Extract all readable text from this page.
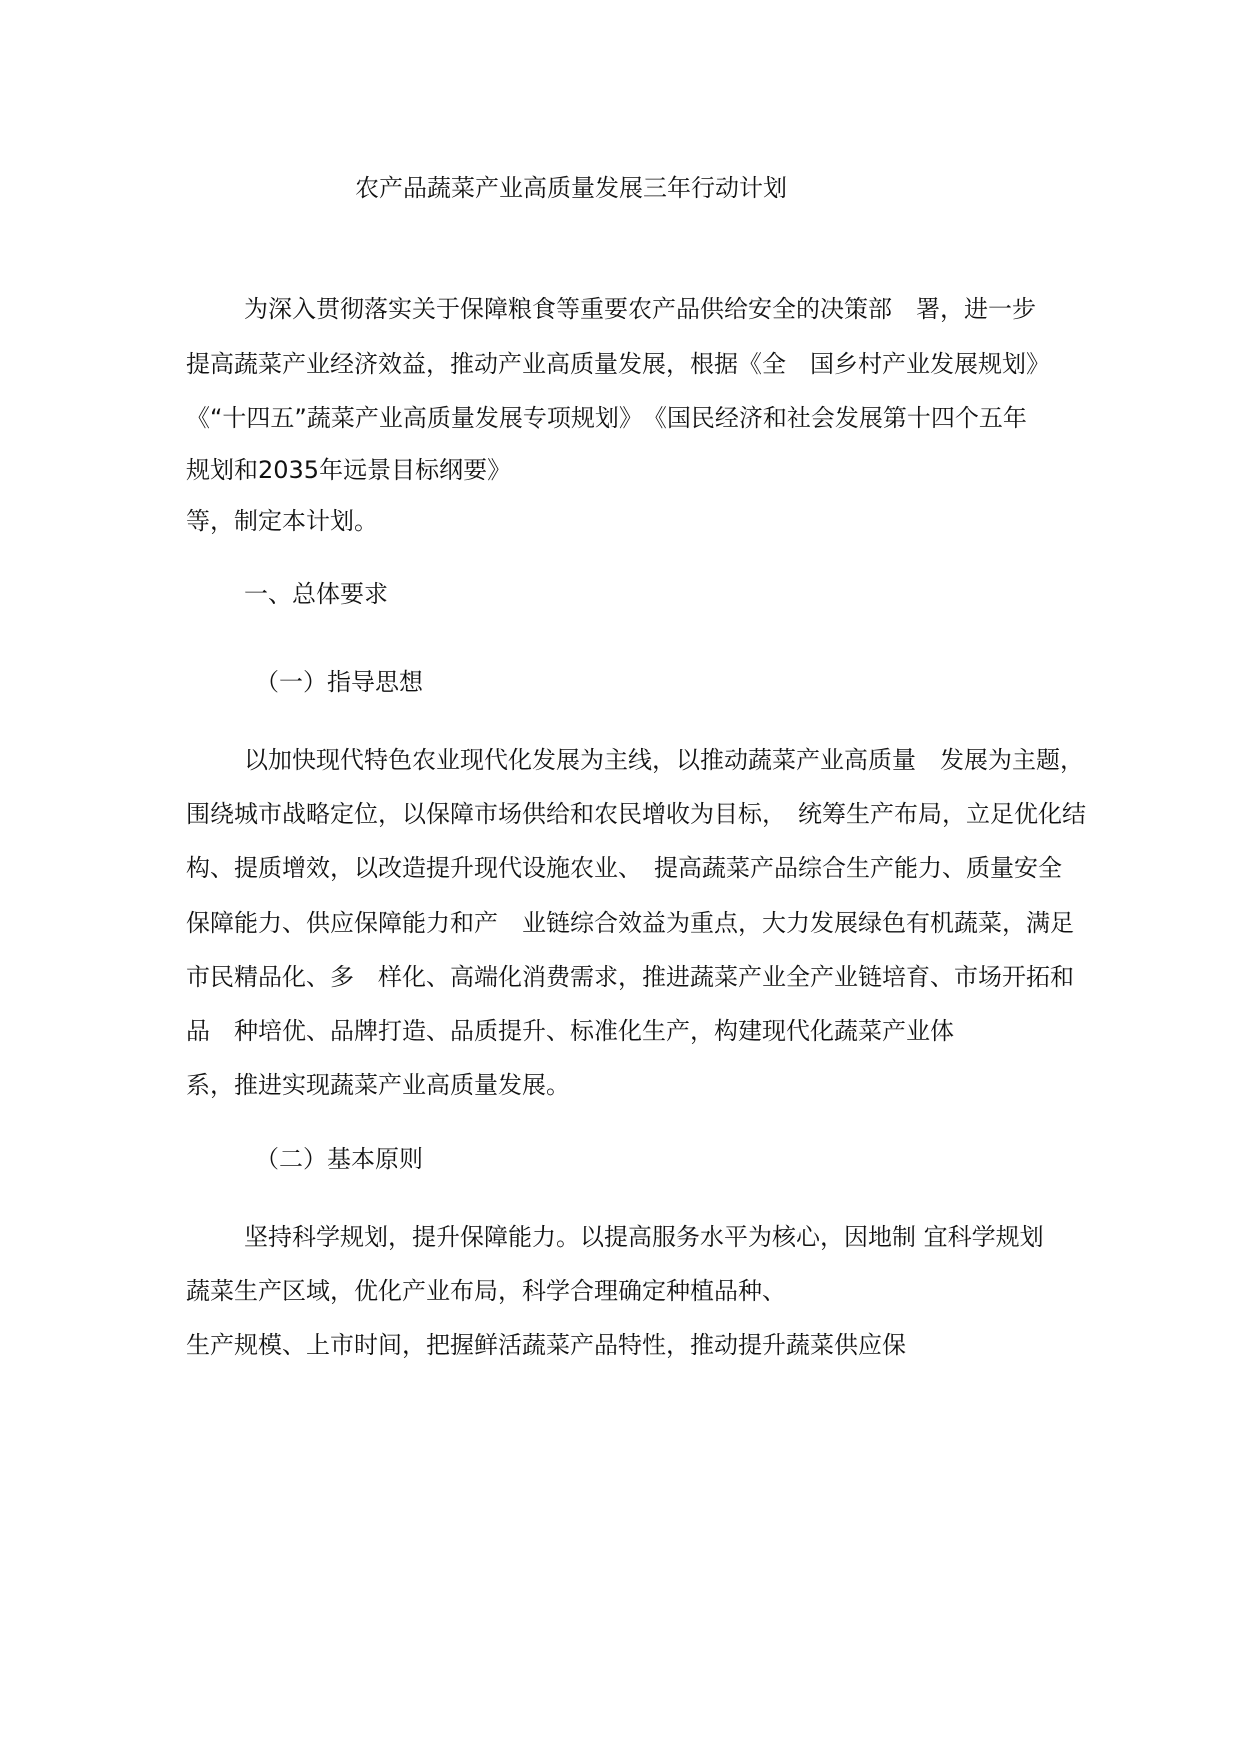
农产品蔬菜产业高质量发展三年行动计划
为深入贯彻落实关于保障粮食等重要农产品供给安全的决策部　署，进一步
提高蔬菜产业经济效益，推动产业高质量发展，根据《全　国乡村产业发展规划》
《“十四五”蔬菜产业高质量发展专项规划》　《国民经济和社会发展第十四个五年
规划和2035年远景目标纲要》
等，制定本计划。
一、总体要求
（一）指导思想
以加快现代特色农业现代化发展为主线，以推动蔬菜产业高质量　发展为主题，
围绕城市战略定位，以保障市场供给和农民增收为目标，　统筹生产布局，立足优化结
构、提质增效，以改造提升现代设施农业、　提高蔬菜产品综合生产能力、质量安全
保障能力、供应保障能力和产　业链综合效益为重点，大力发展绿色有机蔬菜，满足
市民精品化、多　样化、高端化消费需求，推进蔬菜产业全产业链培育、市场开拓和
品　种培优、品牌打造、品质提升、标准化生产，构建现代化蔬菜产业体
系，推进实现蔬菜产业高质量发展。
（二）基本原则
坚持科学规划，提升保障能力。以提高服务水平为核心，因地制 宜科学规划
蔬菜生产区域，优化产业布局，科学合理确定种植品种、
生产规模、上市时间，把握鲜活蔬菜产品特性，推动提升蔬菜供应保
